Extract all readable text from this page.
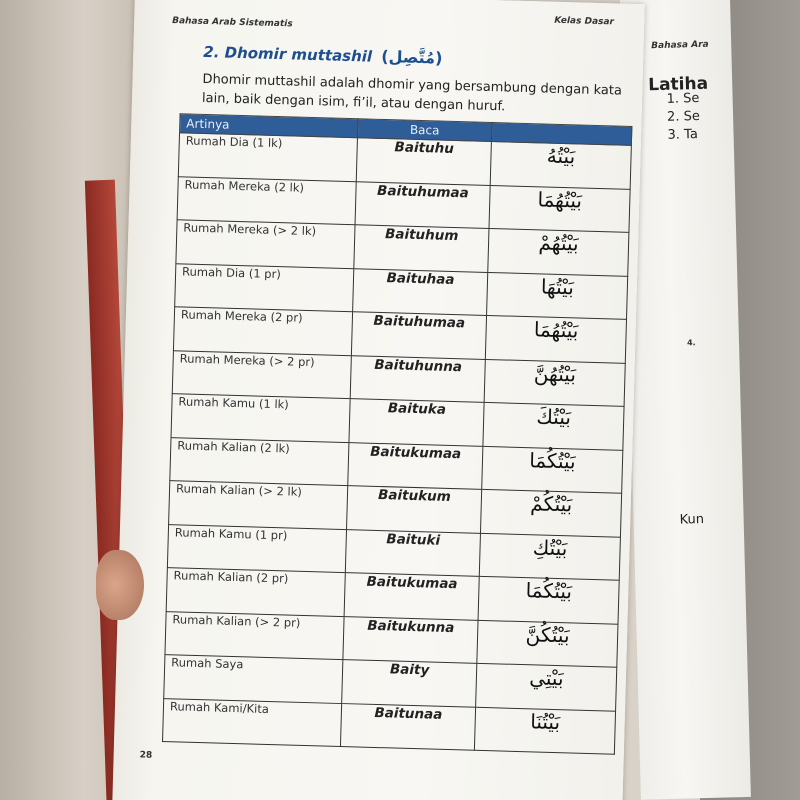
Bahasa Ara
Latiha
1. Se
2. Se
3. Ta
4.
Kun
Bahasa Arab Sistematis	Kelas Dasar
2. Dhomir muttashil (مُتَّصِل)
Dhomir muttashil adalah dhomir yang bersambung dengan kata lain, baik dengan isim, fi’il, atau dengan huruf.
Artinya	Baca	
Rumah Dia (1 lk)	Baituhu	بَيْتُهُ
Rumah Mereka (2 lk)	Baituhumaa	بَيْتُهُمَا
Rumah Mereka (> 2 lk)	Baituhum	بَيْتُهُمْ
Rumah Dia (1 pr)	Baituhaa	بَيْتُهَا
Rumah Mereka (2 pr)	Baituhumaa	بَيْتُهُمَا
Rumah Mereka (> 2 pr)	Baituhunna	بَيْتُهُنَّ
Rumah Kamu (1 lk)	Baituka	بَيْتُكَ
Rumah Kalian (2 lk)	Baitukumaa	بَيْتُكُمَا
Rumah Kalian (> 2 lk)	Baitukum	بَيْتُكُمْ
Rumah Kamu (1 pr)	Baituki	بَيْتُكِ
Rumah Kalian (2 pr)	Baitukumaa	بَيْتُكُمَا
Rumah Kalian (> 2 pr)	Baitukunna	بَيْتُكُنَّ
Rumah Saya	Baity	بَيْتِي
Rumah Kami/Kita	Baitunaa	بَيْتُنَا
28
